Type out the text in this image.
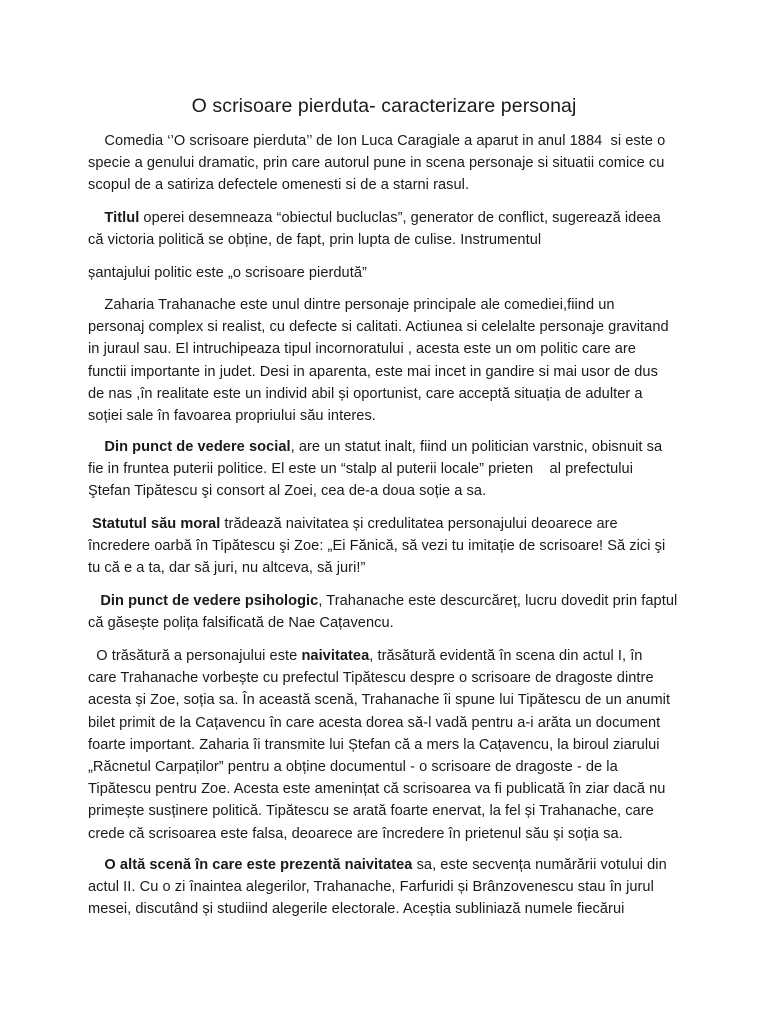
O scrisoare pierduta- caracterizare personaj

Comedia ‘’O scrisoare pierduta’’ de Ion Luca Caragiale a aparut in anul 1884  si este o
specie a genului dramatic, prin care autorul pune in scena personaje si situatii comice cu
scopul de a satiriza defectele omenesti si de a starni rasul.

Titlul operei desemneaza “obiectul bucluclas”, generator de conflict, sugerează ideea
că victoria politică se obține, de fapt, prin lupta de culise. Instrumentul

șantajului politic este „o scrisoare pierdută”

Zaharia Trahanache este unul dintre personaje principale ale comediei,fiind un
personaj complex si realist, cu defecte si calitati. Actiunea si celelalte personaje gravitand
in juraul sau. El intruchipeaza tipul incornoratului , acesta este un om politic care are
functii importante in judet. Desi in aparenta, este mai incet in gandire si mai usor de dus
de nas ,în realitate este un individ abil și oportunist, care acceptă situația de adulter a
soției sale în favoarea propriului său interes.

Din punct de vedere social, are un statut inalt, fiind un politician varstnic, obisnuit sa
fie in fruntea puterii politice. El este un “stalp al puterii locale” prieten    al prefectului
Ştefan Tipătescu şi consort al Zoei, cea de-a doua soție a sa.

Statutul său moral trădează naivitatea și credulitatea personajului deoarece are
încredere oarbă în Tipătescu şi Zoe: „Ei Fănică, să vezi tu imitație de scrisoare! Să zici şi
tu că e a ta, dar să juri, nu altceva, să juri!”

Din punct de vedere psihologic, Trahanache este descurcăreț, lucru dovedit prin faptul
că găsește polița falsificată de Nae Cațavencu.

O trăsătură a personajului este naivitatea, trăsătură evidentă în scena din actul I, în
care Trahanache vorbește cu prefectul Tipătescu despre o scrisoare de dragoste dintre
acesta și Zoe, soția sa. În această scenă, Trahanache îi spune lui Tipătescu de un anumit
bilet primit de la Cațavencu în care acesta dorea să-l vadă pentru a-i arăta un document
foarte important. Zaharia îi transmite lui Ștefan că a mers la Cațavencu, la biroul ziarului
„Răcnetul Carpaților” pentru a obține documentul - o scrisoare de dragoste - de la
Tipătescu pentru Zoe. Acesta este amenințat că scrisoarea va fi publicată în ziar dacă nu
primește susținere politică. Tipătescu se arată foarte enervat, la fel și Trahanache, care
crede că scrisoarea este falsa, deoarece are încredere în prietenul său și soția sa.

O altă scenă în care este prezentă naivitatea sa, este secvența numărării votului din
actul II. Cu o zi înaintea alegerilor, Trahanache, Farfuridi și Brânzovenescu stau în jurul
mesei, discutând și studiind alegerile electorale. Aceștia subliniază numele fiecărui
